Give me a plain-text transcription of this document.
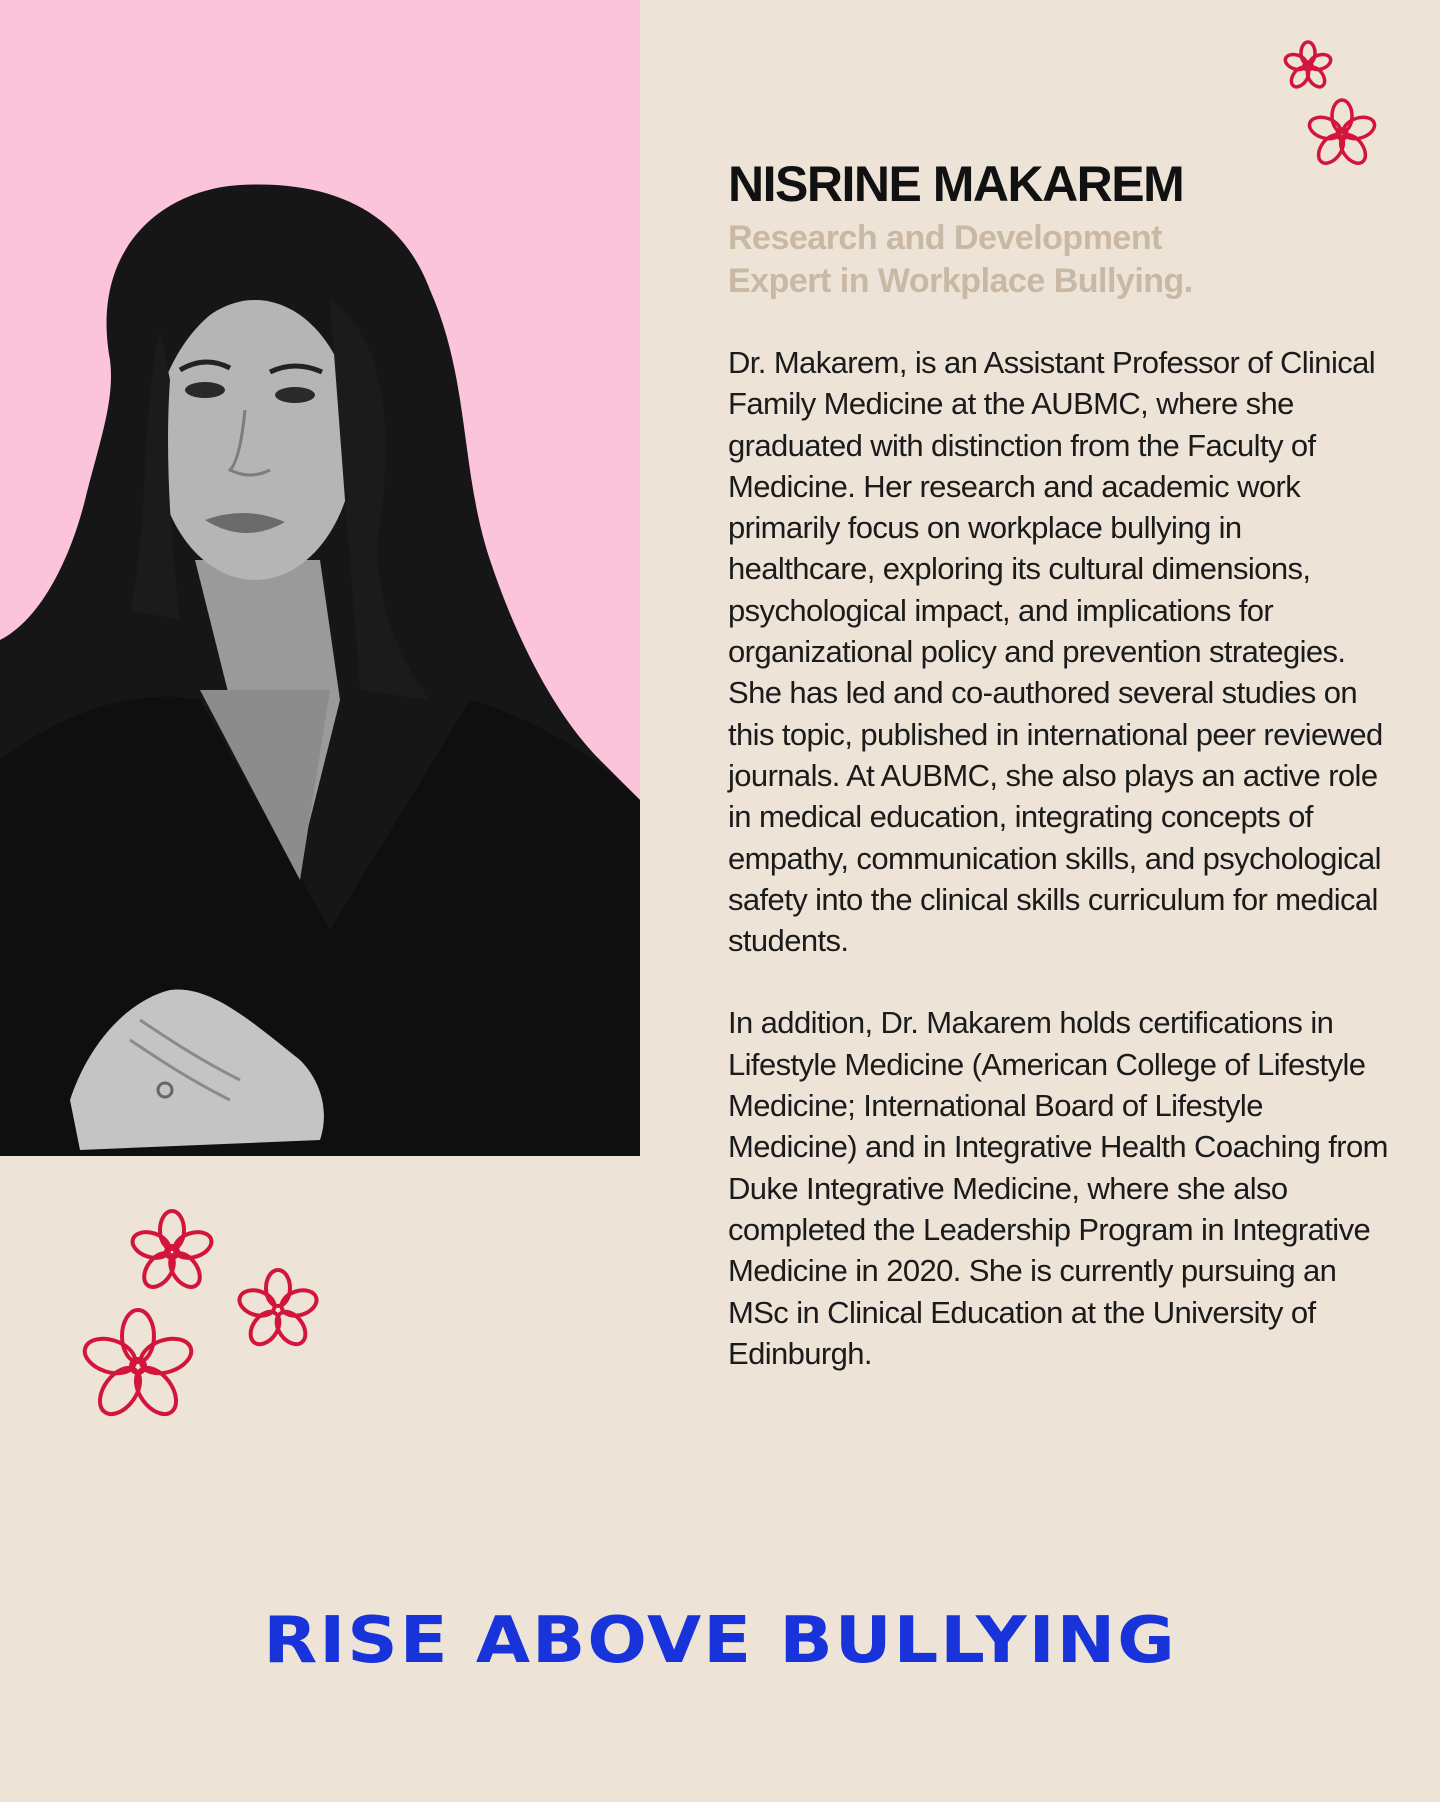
NISRINE MAKAREM
Research and Development
Expert in Workplace Bullying.

Dr. Makarem, is an Assistant Professor of Clinical Family Medicine at the AUBMC, where she graduated with distinction from the Faculty of Medicine. Her research and academic work primarily focus on workplace bullying in healthcare, exploring its cultural dimensions, psychological impact, and implications for organizational policy and prevention strategies. She has led and co-authored several studies on this topic, published in international peer reviewed journals. At AUBMC, she also plays an active role in medical education, integrating concepts of empathy, communication skills, and psychological safety into the clinical skills curriculum for medical students.

In addition, Dr. Makarem holds certifications in Lifestyle Medicine (American College of Lifestyle Medicine; International Board of Lifestyle Medicine) and in Integrative Health Coaching from Duke Integrative Medicine, where she also completed the Leadership Program in Integrative Medicine in 2020. She is currently pursuing an MSc in Clinical Education at the University of Edinburgh.

RISE ABOVE BULLYING
